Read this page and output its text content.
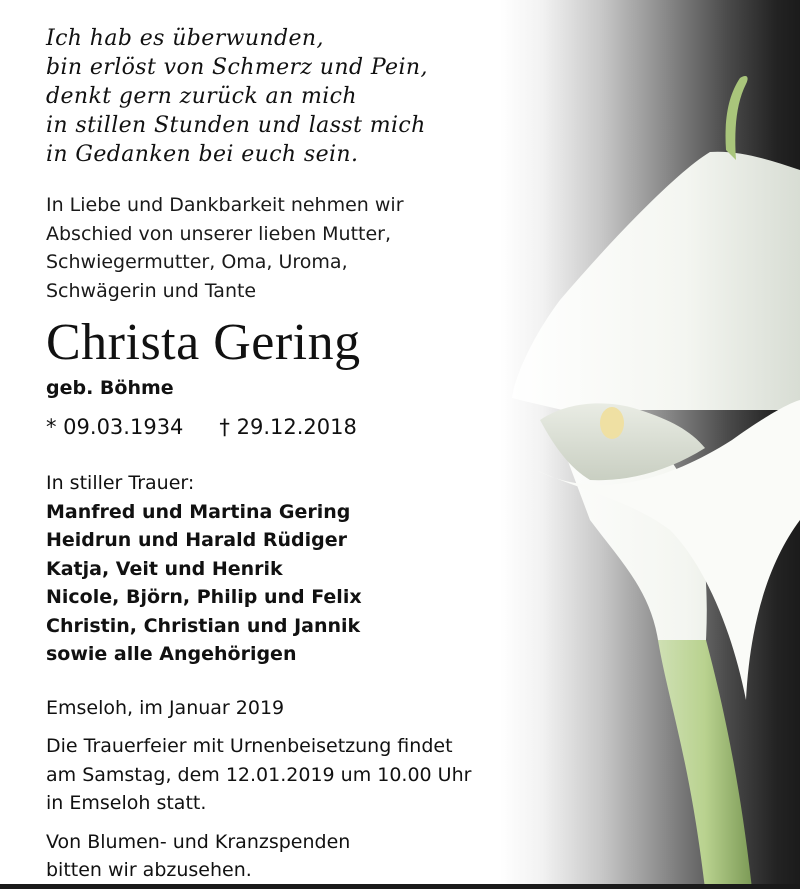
Ich hab es überwunden,
bin erlöst von Schmerz und Pein,
denkt gern zurück an mich
in stillen Stunden und lasst mich
in Gedanken bei euch sein.
In Liebe und Dankbarkeit nehmen wir
Abschied von unserer lieben Mutter,
Schwiegermutter, Oma, Uroma,
Schwägerin und Tante
Christa Gering
geb. Böhme
* 09.03.1934 † 29.12.2018
In stiller Trauer:
Manfred und Martina Gering
Heidrun und Harald Rüdiger
Katja, Veit und Henrik
Nicole, Björn, Philip und Felix
Christin, Christian und Jannik
sowie alle Angehörigen
Emseloh, im Januar 2019
Die Trauerfeier mit Urnenbeisetzung findet
am Samstag, dem 12.01.2019 um 10.00 Uhr
in Emseloh statt.
Von Blumen- und Kranzspenden
bitten wir abzusehen.
